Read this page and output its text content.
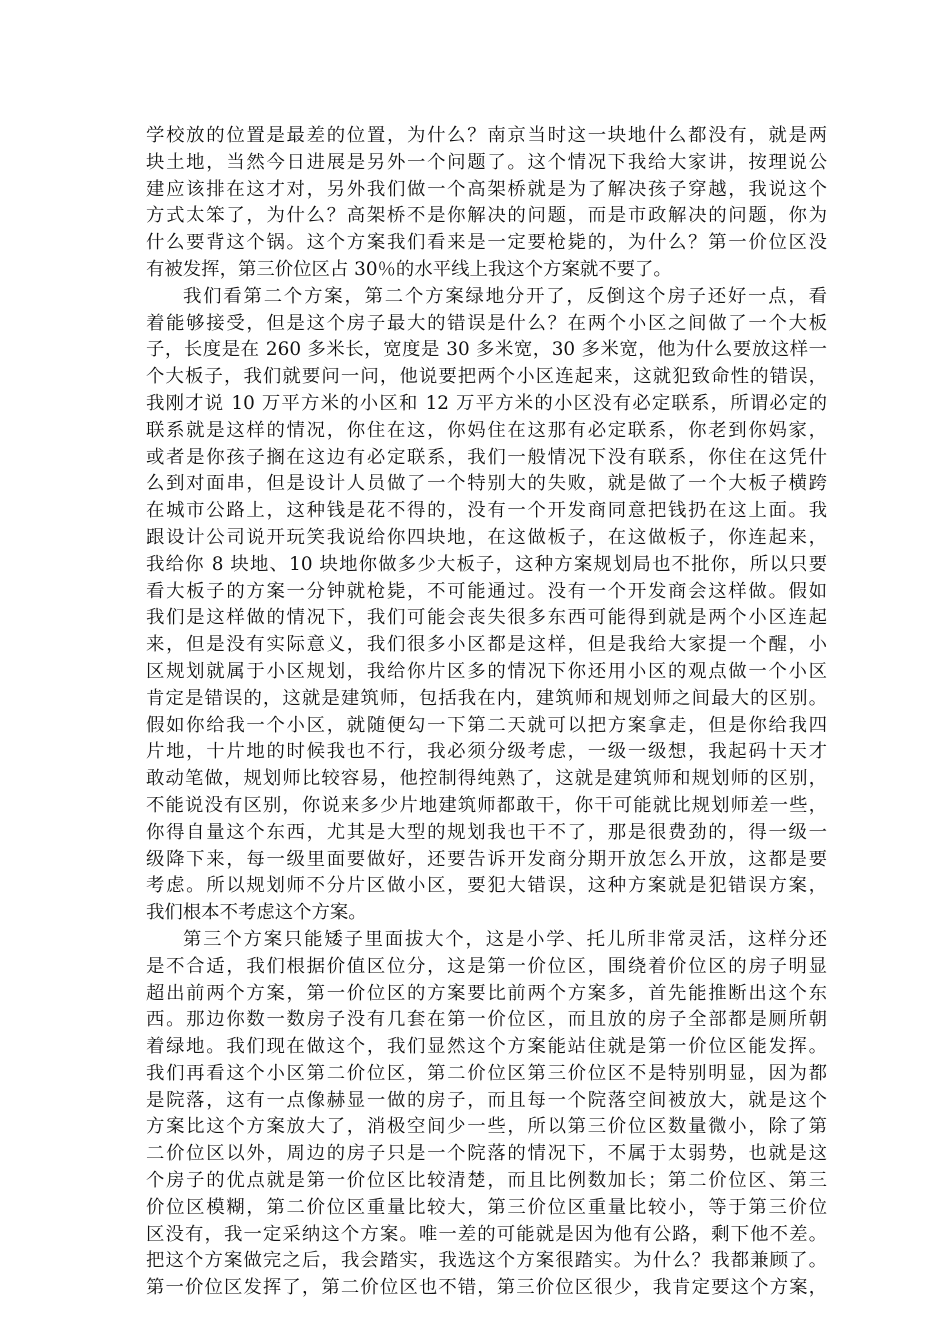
学校放的位置是最差的位置，为什么？南京当时这一块地什么都没有，就是两
块土地，当然今日进展是另外一个问题了。这个情况下我给大家讲，按理说公
建应该排在这才对，另外我们做一个高架桥就是为了解决孩子穿越，我说这个
方式太笨了，为什么？高架桥不是你解决的问题，而是市政解决的问题，你为
什么要背这个锅。这个方案我们看来是一定要枪毙的，为什么？第一价位区没
有被发挥，第三价位区占 30％的水平线上我这个方案就不要了。
我们看第二个方案，第二个方案绿地分开了，反倒这个房子还好一点，看
着能够接受，但是这个房子最大的错误是什么？在两个小区之间做了一个大板
子，长度是在 260 多米长，宽度是 30 多米宽，30 多米宽，他为什么要放这样一
个大板子，我们就要问一问，他说要把两个小区连起来，这就犯致命性的错误，
我刚才说 10 万平方米的小区和 12 万平方米的小区没有必定联系，所谓必定的
联系就是这样的情况，你住在这，你妈住在这那有必定联系，你老到你妈家，
或者是你孩子搁在这边有必定联系，我们一般情况下没有联系，你住在这凭什
么到对面串，但是设计人员做了一个特别大的失败，就是做了一个大板子横跨
在城市公路上，这种钱是花不得的，没有一个开发商同意把钱扔在这上面。我
跟设计公司说开玩笑我说给你四块地，在这做板子，在这做板子，你连起来，
我给你 8 块地、10 块地你做多少大板子，这种方案规划局也不批你，所以只要
看大板子的方案一分钟就枪毙，不可能通过。没有一个开发商会这样做。假如
我们是这样做的情况下，我们可能会丧失很多东西可能得到就是两个小区连起
来，但是没有实际意义，我们很多小区都是这样，但是我给大家提一个醒，小
区规划就属于小区规划，我给你片区多的情况下你还用小区的观点做一个小区
肯定是错误的，这就是建筑师，包括我在内，建筑师和规划师之间最大的区别。
假如你给我一个小区，就随便勾一下第二天就可以把方案拿走，但是你给我四
片地，十片地的时候我也不行，我必须分级考虑，一级一级想，我起码十天才
敢动笔做，规划师比较容易，他控制得纯熟了，这就是建筑师和规划师的区别，
不能说没有区别，你说来多少片地建筑师都敢干，你干可能就比规划师差一些，
你得自量这个东西，尤其是大型的规划我也干不了，那是很费劲的，得一级一
级降下来，每一级里面要做好，还要告诉开发商分期开放怎么开放，这都是要
考虑。所以规划师不分片区做小区，要犯大错误，这种方案就是犯错误方案，
我们根本不考虑这个方案。
第三个方案只能矮子里面拔大个，这是小学、托儿所非常灵活，这样分还
是不合适，我们根据价值区位分，这是第一价位区，围绕着价位区的房子明显
超出前两个方案，第一价位区的方案要比前两个方案多，首先能推断出这个东
西。那边你数一数房子没有几套在第一价位区，而且放的房子全部都是厕所朝
着绿地。我们现在做这个，我们显然这个方案能站住就是第一价位区能发挥。
我们再看这个小区第二价位区，第二价位区第三价位区不是特别明显，因为都
是院落，这有一点像赫显一做的房子，而且每一个院落空间被放大，就是这个
方案比这个方案放大了，消极空间少一些，所以第三价位区数量微小，除了第
二价位区以外，周边的房子只是一个院落的情况下，不属于太弱势，也就是这
个房子的优点就是第一价位区比较清楚，而且比例数加长；第二价位区、第三
价位区模糊，第二价位区重量比较大，第三价位区重量比较小，等于第三价位
区没有，我一定采纳这个方案。唯一差的可能就是因为他有公路，剩下他不差。
把这个方案做完之后，我会踏实，我选这个方案很踏实。为什么？我都兼顾了。
第一价位区发挥了，第二价位区也不错，第三价位区很少，我肯定要这个方案，
